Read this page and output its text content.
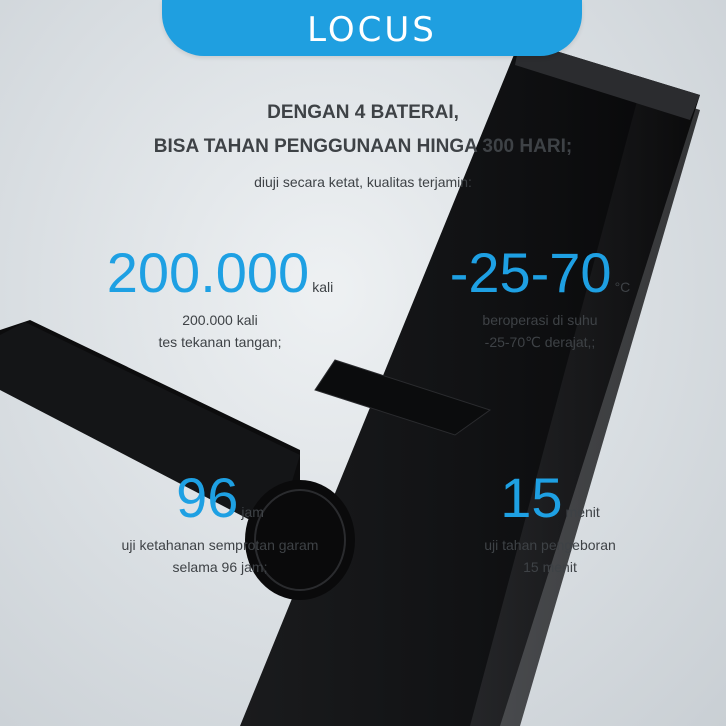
LOCUS
DENGAN 4 BATERAI,
BISA TAHAN PENGGUNAAN HINGA 300 HARI;
diuji secara ketat, kualitas terjamin:
200.000 kali
200.000 kali
tes tekanan tangan;
-25-70 °C
beroperasi di suhu
-25-70℃ derajat,;
96 jam
uji ketahanan semprotan garam
selama 96 jam;
15 menit
uji tahan pengeboran
15 menit
